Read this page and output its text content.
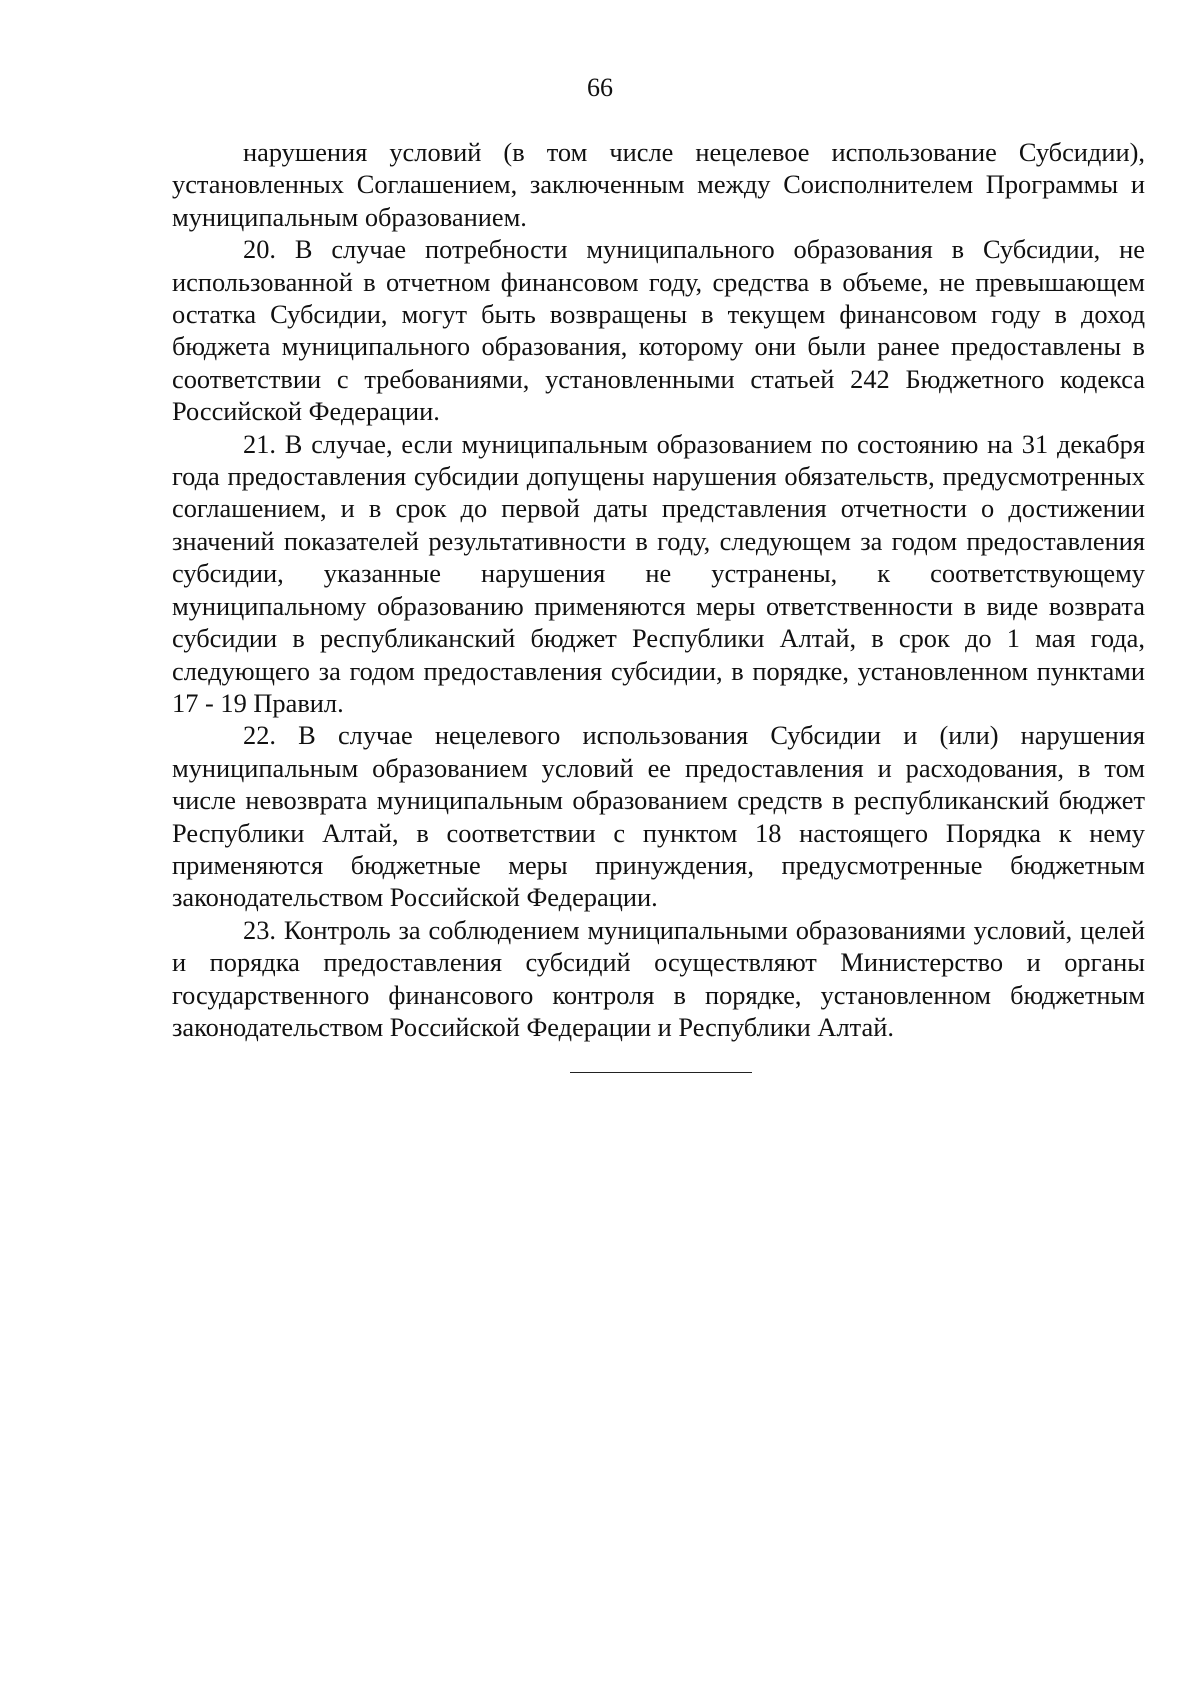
66

нарушения условий (в том числе нецелевое использование Субсидии), установленных Соглашением, заключенным между Соисполнителем Программы и муниципальным образованием.

20. В случае потребности муниципального образования в Субсидии, не использованной в отчетном финансовом году, средства в объеме, не превышающем остатка Субсидии, могут быть возвращены в текущем финансовом году в доход бюджета муниципального образования, которому они были ранее предоставлены в соответствии с требованиями, установленными статьей 242 Бюджетного кодекса Российской Федерации.

21. В случае, если муниципальным образованием по состоянию на 31 декабря года предоставления субсидии допущены нарушения обязательств, предусмотренных соглашением, и в срок до первой даты представления отчетности о достижении значений показателей результативности в году, следующем за годом предоставления субсидии, указанные нарушения не устранены, к соответствующему муниципальному образованию применяются меры ответственности в виде возврата субсидии в республиканский бюджет Республики Алтай, в срок до 1 мая года, следующего за годом предоставления субсидии, в порядке, установленном пунктами 17 - 19 Правил.

22. В случае нецелевого использования Субсидии и (или) нарушения муниципальным образованием условий ее предоставления и расходования, в том числе невозврата муниципальным образованием средств в республиканский бюджет Республики Алтай, в соответствии с пунктом 18 настоящего Порядка к нему применяются бюджетные меры принуждения, предусмотренные бюджетным законодательством Российской Федерации.

23. Контроль за соблюдением муниципальными образованиями условий, целей и порядка предоставления субсидий осуществляют Министерство и органы государственного финансового контроля в порядке, установленном бюджетным законодательством Российской Федерации и Республики Алтай.
